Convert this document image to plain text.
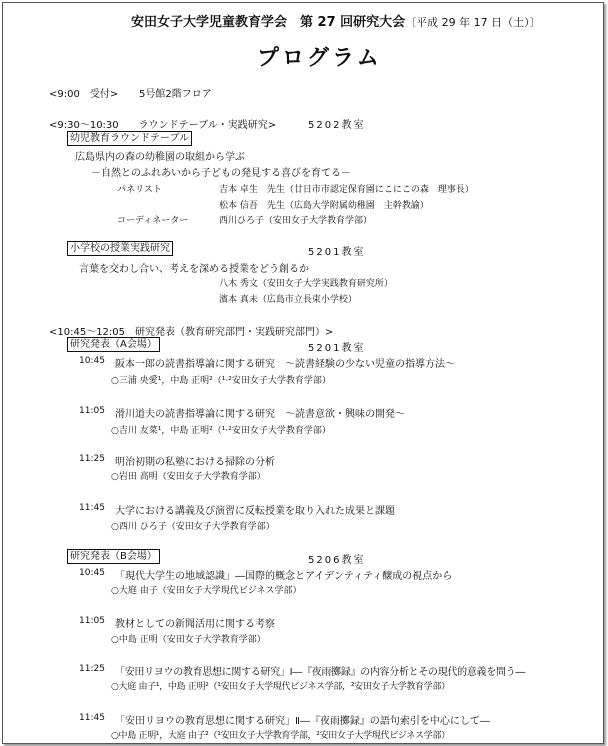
安田女子大学児童教育学会　第 27 回研究大会〔平成 29 年 17 日（土）〕
プログラム
<9:00　受付> 5号館2階フロア
<9:30～10:30　　ラウンドテーブル・実践研究>	5202教室
幼児教育ラウンドテーブル
広島県内の森の幼稚園の取組から学ぶ
－自然とのふれあいから子どもの発見する喜びを育てる－
パネリスト	吉本 卓生　先生（廿日市市認定保育園にこにこの森　理事長）
松本 信吾　先生（広島大学附属幼稚園　主幹教諭）
コーディネーター	西川ひろ子（安田女子大学教育学部）
小学校の授業実践研究	5201教室
言葉を交わし合い、考えを深める授業をどう創るか
八木 秀文（安田女子大学実践教育研究所）
濱本 真未（広島市立長束小学校）
<10:45～12:05　研究発表（教育研究部門・実践研究部門）>
研究発表（A会場）	5201教室
10:45 阪本一郎の読書指導論に関する研究　～読書経験の少ない児童の指導方法～
○三浦 央愛¹，中島 正明²（¹·²安田女子大学教育学部）
11:05 滑川道夫の読書指導論に関する研究　～読書意欲・興味の開発～
○吉川 友菜¹，中島 正明²（¹·²安田女子大学教育学部）
11:25 明治初期の私塾における掃除の分析
○岩田 高明（安田女子大学教育学部）
11:45 大学における講義及び演習に反転授業を取り入れた成果と課題
○西川 ひろ子（安田女子大学教育学部）
研究発表（B会場）	5206教室
10:45 「現代大学生の地域認識」―国際的概念とアイデンティティ醸成の視点から
○大庭 由子（安田女子大学現代ビジネス学部）
11:05 教材としての新聞活用に関する考察
○中島 正明（安田女子大学教育学部）
11:25 「安田リヨウの教育思想に関する研究」Ⅰ―『夜雨擲録』の内容分析とその現代的意義を問う―
○大庭 由子¹，中島 正明²（¹安田女子大学現代ビジネス学部，²安田女子大学教育学部）
11:45 「安田リヨウの教育思想に関する研究」Ⅱ―『夜雨擲録』の語句索引を中心にして―
○中島 正明¹，大庭 由子²（¹安田女子大学教育学部，²安田女子大学現代ビジネス学部）
